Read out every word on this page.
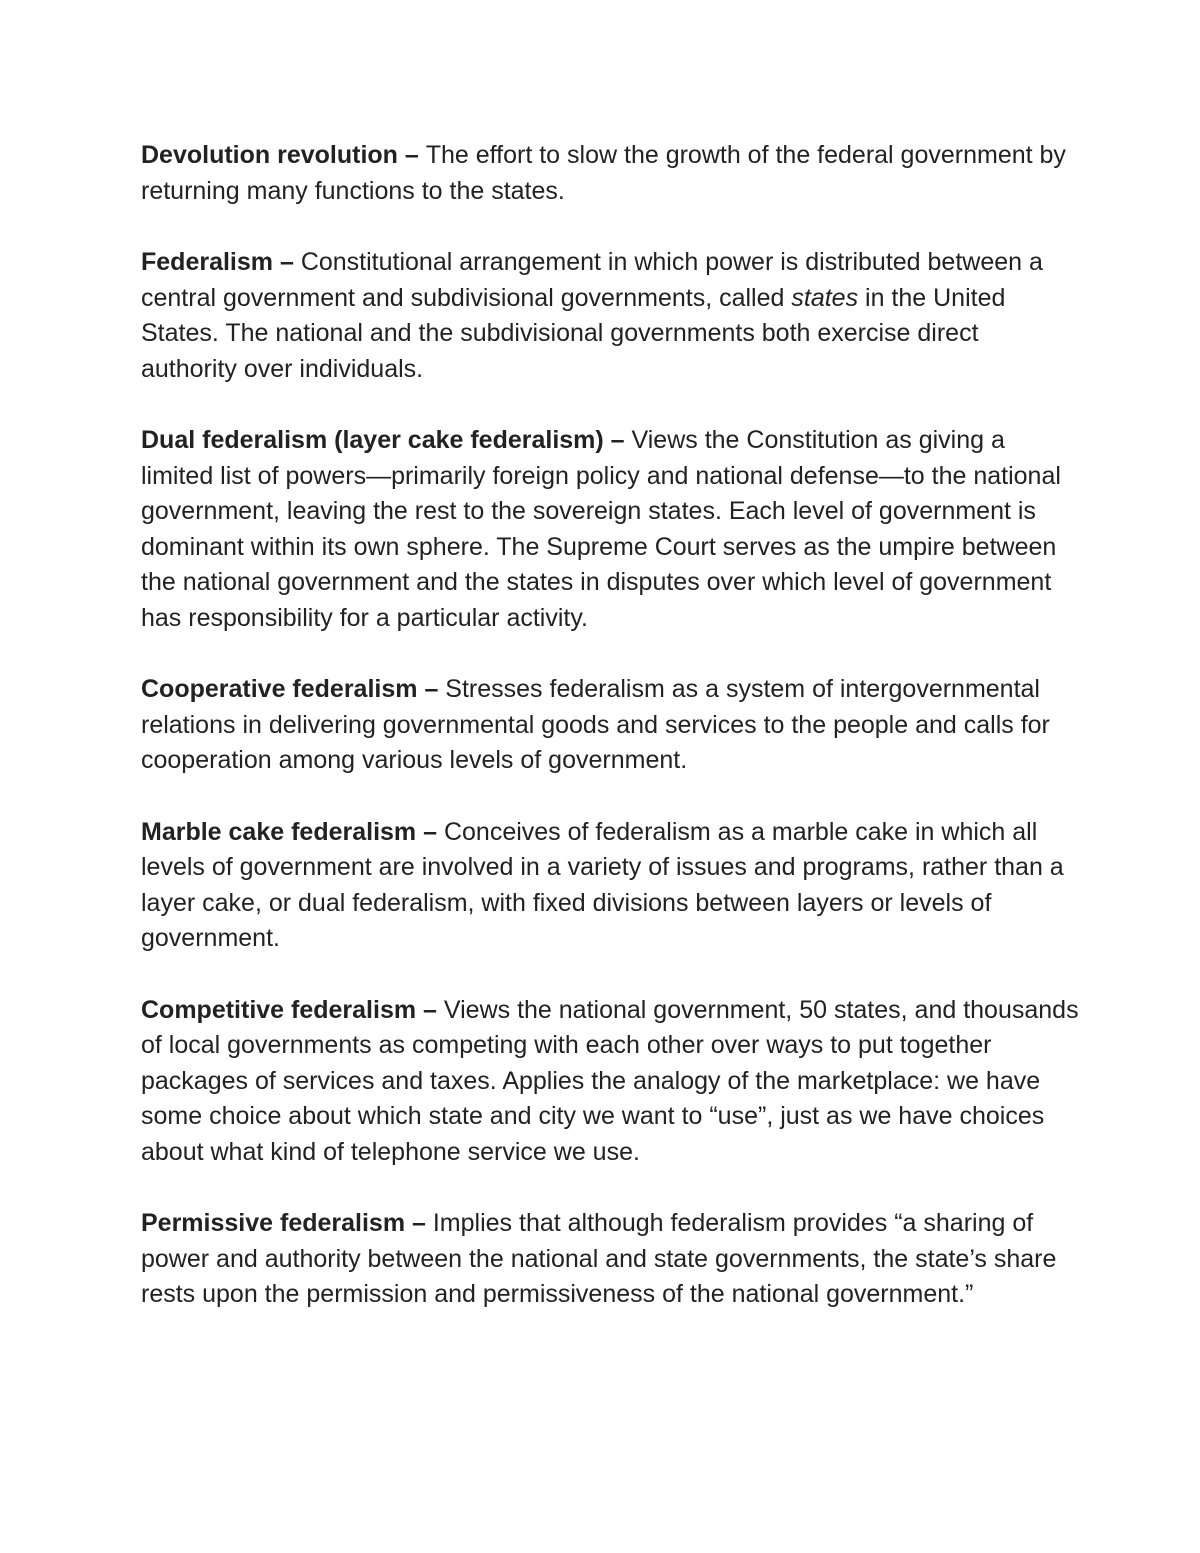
Devolution revolution – The effort to slow the growth of the federal government by returning many functions to the states.

Federalism – Constitutional arrangement in which power is distributed between a central government and subdivisional governments, called states in the United States. The national and the subdivisional governments both exercise direct authority over individuals.

Dual federalism (layer cake federalism) – Views the Constitution as giving a limited list of powers—primarily foreign policy and national defense—to the national government, leaving the rest to the sovereign states. Each level of government is dominant within its own sphere. The Supreme Court serves as the umpire between the national government and the states in disputes over which level of government has responsibility for a particular activity.

Cooperative federalism – Stresses federalism as a system of intergovernmental relations in delivering governmental goods and services to the people and calls for cooperation among various levels of government.

Marble cake federalism – Conceives of federalism as a marble cake in which all levels of government are involved in a variety of issues and programs, rather than a layer cake, or dual federalism, with fixed divisions between layers or levels of government.

Competitive federalism – Views the national government, 50 states, and thousands of local governments as competing with each other over ways to put together packages of services and taxes. Applies the analogy of the marketplace: we have some choice about which state and city we want to “use”, just as we have choices about what kind of telephone service we use.

Permissive federalism – Implies that although federalism provides “a sharing of power and authority between the national and state governments, the state’s share rests upon the permission and permissiveness of the national government.”
